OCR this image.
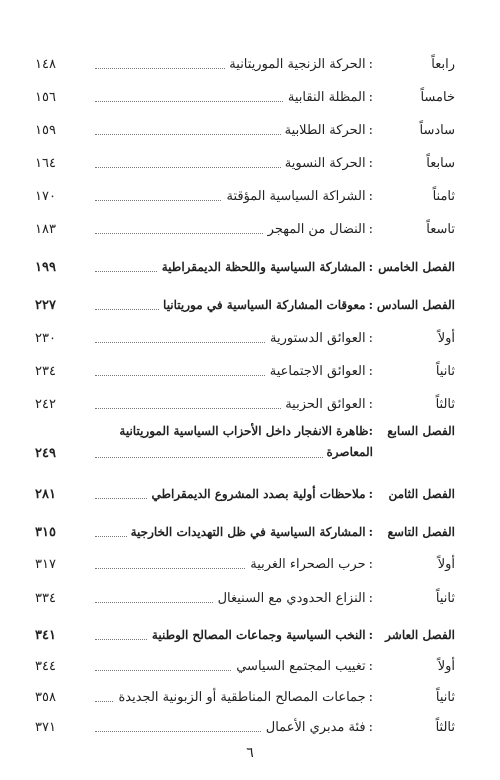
رابعاً
:الحركة الزنجية الموريتانية
١٤٨
خامساً
:المظلة النقابية
١٥٦
سادساً
:الحركة الطلابية
١٥٩
سابعاً
:الحركة النسوية
١٦٤
ثامناً
:الشراكة السياسية المؤقتة
١٧٠
تاسعاً
:النضال من المهجر
١٨٣
الفصل الخامس
:المشاركة السياسية واللحظة الديمقراطية
١٩٩
الفصل السادس
:معوقات المشاركة السياسية في موريتانيا
٢٢٧
أولاً
:العوائق الدستورية
٢٣٠
ثانياً
:العوائق الاجتماعية
٢٣٤
ثالثاً
:العوائق الحزبية
٢٤٢
الفصل السابع
:ظاهرة الانفجار داخل الأحزاب السياسية الموريتانية
المعاصرة
٢٤٩
الفصل الثامن
:ملاحظات أولية بصدد المشروع الديمقراطي
٢٨١
الفصل التاسع
:المشاركة السياسية في ظل التهديدات الخارجية
٣١٥
أولاً
:حرب الصحراء الغربية
٣١٧
ثانياً
:النزاع الحدودي مع السنيغال
٣٣٤
الفصل العاشر
:النخب السياسية وجماعات المصالح الوطنية
٣٤١
أولاً
:تغييب المجتمع السياسي
٣٤٤
ثانياً
:جماعات المصالح المناطقية أو الزبونية الجديدة
٣٥٨
ثالثاً
:فئة مدبري الأعمال
٣٧١
٦
